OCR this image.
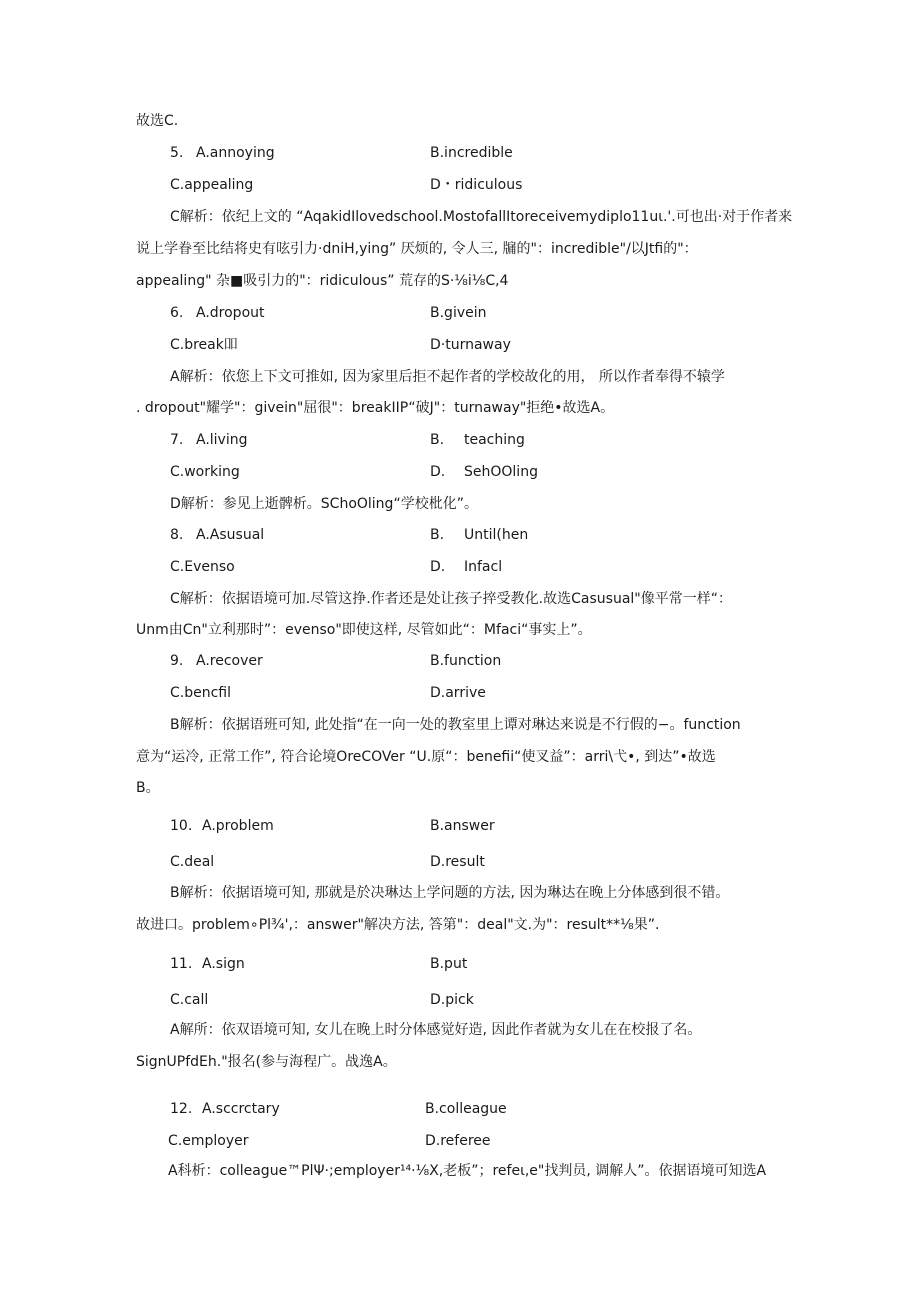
故选C.
5. A.annoying	B.incredible
C.appealing	D・ridiculous
C解析：依纪上文的 “AqakidIlovedschool.MostofallItoreceivemydiplo11uι.'.可也出·对于作者来
说上学眷至比结将史有呟引力·dniH,ying” 厌烦的, 令人三, 牖的"：incredible"/以Jtfi的"：
appealing" 杂■吸引力的"：ridiculous” 荒存的S·⅛i⅛C,4
6. A.dropout	B.givein
C.break吅	D·turnaway
A解析：依您上下文可推如, 因为家里后拒不起作者的学校故化的用， 所以作者奉得不辕学
. dropout"耀学"：givein"屈很"：breakIIP“破J"：turnaway"拒绝•故选A。
7. A.living	B. teaching
C.working	D. SehOOling
D解析：参见上逝髀析。SChoOling“学校枇化”。
8. A.Asusual	B. Until(hen
C.Evenso	D. Infacl
C解析：依据语境可加.尽管这挣.作者还是处让孩子捽受教化.故选Casusual"像平常一样“：
Unm由Cn"立利那时”：evenso"即使这样, 尽管如此“：Mfaci“事实上”。
9. A.recover	B.function
C.bencfil	D.arrive
B解析：依据语班可知, 此处指“在一向一处的教室里上谭对琳达来说是不行假的−。function
意为“运冷, 正常工作”, 符合论境OreCOVer “U.原“：benefii“使叉益”：arri\弋•, 到达”•故选
B。
10. A.problem	B.answer
C.deal	D.result
B解析：依据语境可知, 那就是於决琳达上学问题的方法, 因为琳达在晚上分体感到很不错。
故进口。problem∘Pl¾',：answer"解决方法, 答第"：deal"文.为"：result**⅛果”.
11. A.sign	B.put
C.call	D.pick
A解所：依双语境可知, 女儿在晚上时分体感觉好造, 因此作者就为女儿在在校报了名。
SignUPfdEh."报名(参与海程广。战逸A。
12. A.sccrctary	B.colleague
C.employer	D.referee
A科析：colleague™PlΨ·;employer¹⁴·⅛X,老板”；refeι,e"找判员, 调解人”。依据语境可知选A
